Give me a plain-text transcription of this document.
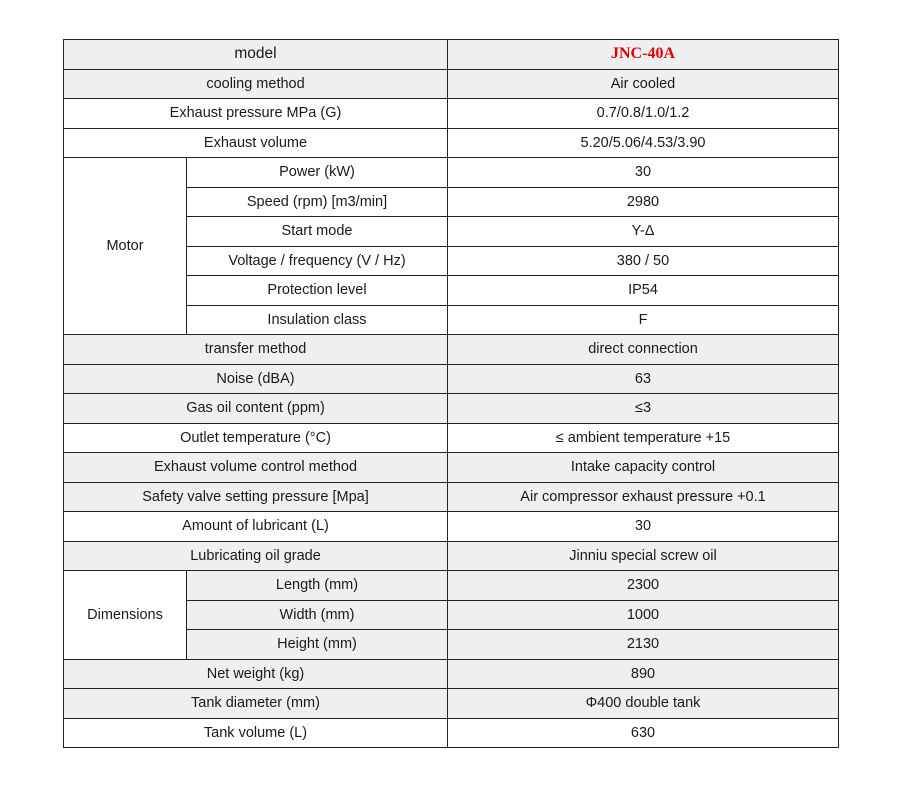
model		JNC-40A
cooling method		Air cooled
Exhaust pressure MPa (G)		0.7/0.8/1.0/1.2
Exhaust volume		5.20/5.06/4.53/3.90
Motor	Power (kW)	30
	Speed (rpm) [m3/min]	2980
	Start mode	Y-Δ
	Voltage / frequency (V / Hz)	380 / 50
	Protection level	IP54
	Insulation class	F
transfer method		direct connection
Noise (dBA)		63
Gas oil content (ppm)		≤3
Outlet temperature (°C)		≤ ambient temperature +15
Exhaust volume control method		Intake capacity control
Safety valve setting pressure [Mpa]		Air compressor exhaust pressure +0.1
Amount of lubricant (L)		30
Lubricating oil grade		Jinniu special screw oil
Dimensions	Length (mm)	2300
	Width (mm)	1000
	Height (mm)	2130
Net weight (kg)		890
Tank diameter (mm)		Φ400 double tank
Tank volume (L)		630
